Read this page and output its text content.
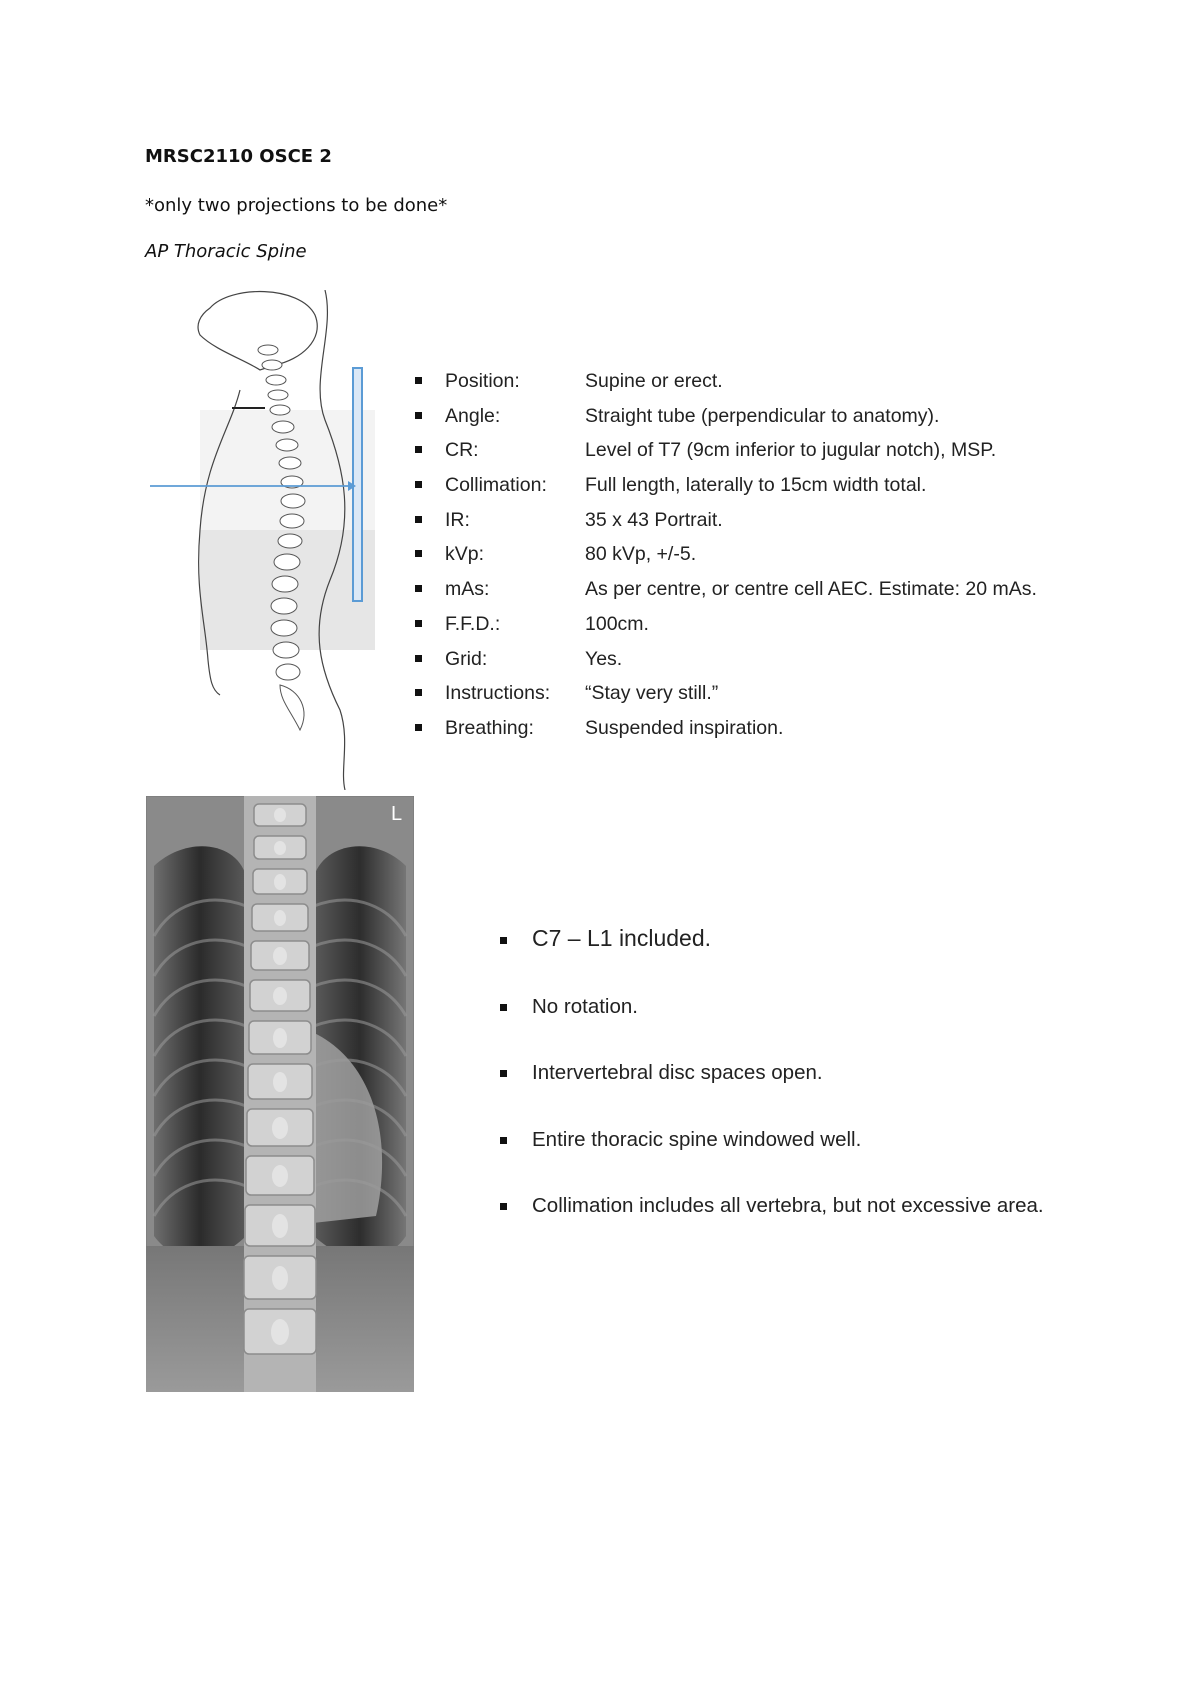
MRSC2110 OSCE 2
*only two projections to be done*
AP Thoracic Spine
Position:	Supine or erect.
Angle:	Straight tube (perpendicular to anatomy).
CR:	Level of T7 (9cm inferior to jugular notch), MSP.
Collimation: Full length, laterally to 15cm width total.
IR:	35 x 43 Portrait.
kVp:	80 kVp, +/-5.
mAs:	As per centre, or centre cell AEC. Estimate: 20 mAs.
F.F.D.:	100cm.
Grid:	Yes.
Instructions: “Stay very still.”
Breathing:	Suspended inspiration.
L
C7 – L1 included.
No rotation.
Intervertebral disc spaces open.
Entire thoracic spine windowed well.
Collimation includes all vertebra, but not excessive area.
